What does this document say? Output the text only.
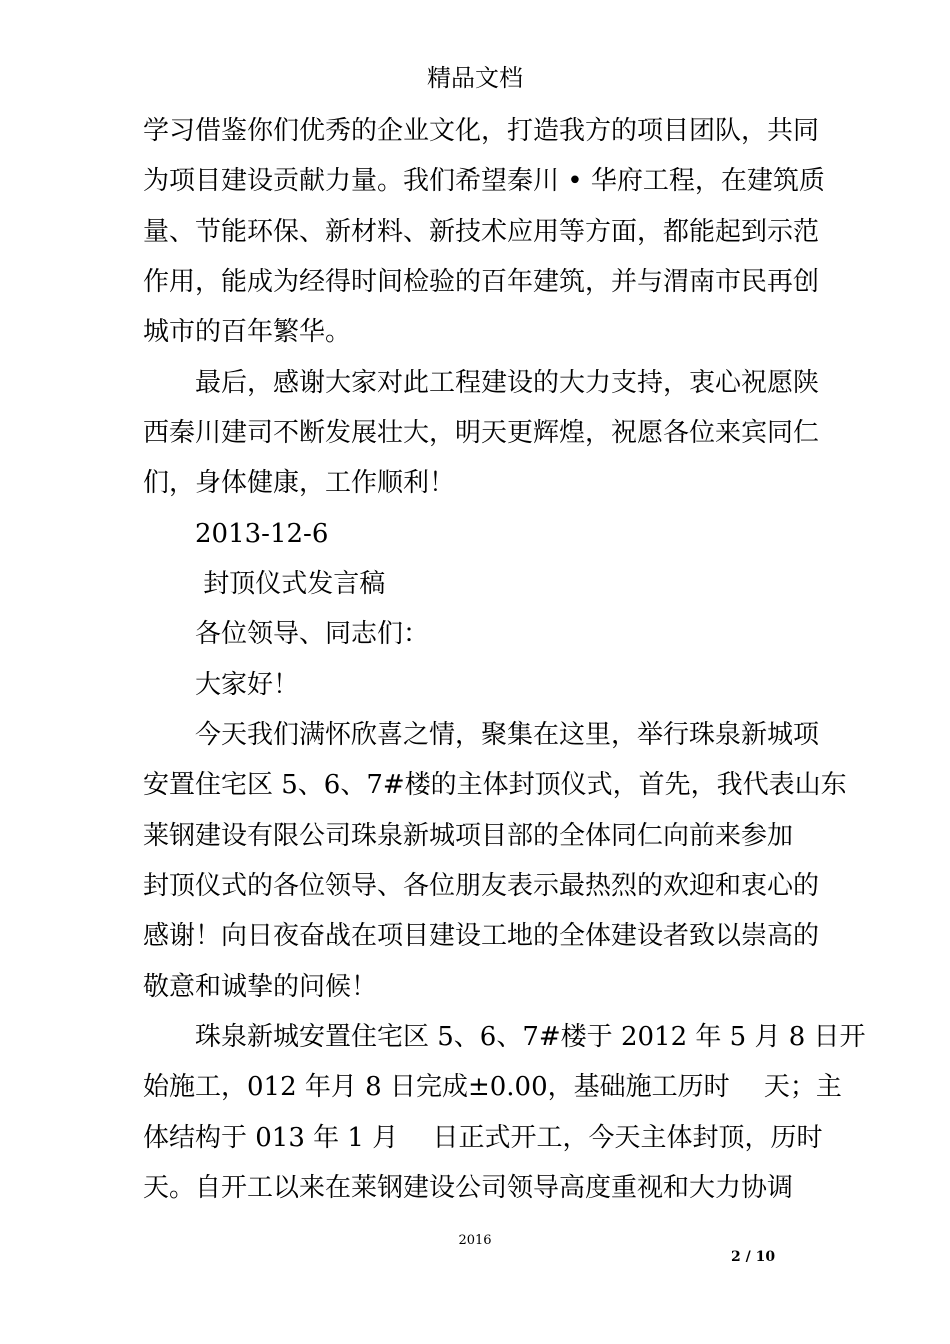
精品文档
学习借鉴你们优秀的企业文化，打造我方的项目团队，共同
为项目建设贡献力量。我们希望秦川 • 华府工程，在建筑质
量、节能环保、新材料、新技术应用等方面，都能起到示范
作用，能成为经得时间检验的百年建筑，并与渭南市民再创
城市的百年繁华。
　　最后，感谢大家对此工程建设的大力支持，衷心祝愿陕
西秦川建司不断发展壮大，明天更辉煌，祝愿各位来宾同仁
们，身体健康，工作顺利！
　　2013-12-6
　　 封顶仪式发言稿
　　各位领导、同志们：
　　大家好！
　　今天我们满怀欣喜之情，聚集在这里，举行珠泉新城项
安置住宅区 5、6、7#楼的主体封顶仪式，首先，我代表山东
莱钢建设有限公司珠泉新城项目部的全体同仁向前来参加
封顶仪式的各位领导、各位朋友表示最热烈的欢迎和衷心的
感谢！向日夜奋战在项目建设工地的全体建设者致以崇高的
敬意和诚挚的问候！
　　珠泉新城安置住宅区 5、6、7#楼于 2012 年 5 月 8 日开
始施工，012 年月 8 日完成±0.00，基础施工历时　 天；主
体结构于 013 年 1 月　 日正式开工，今天主体封顶，历时
天。自开工以来在莱钢建设公司领导高度重视和大力协调
2016
2 / 10
